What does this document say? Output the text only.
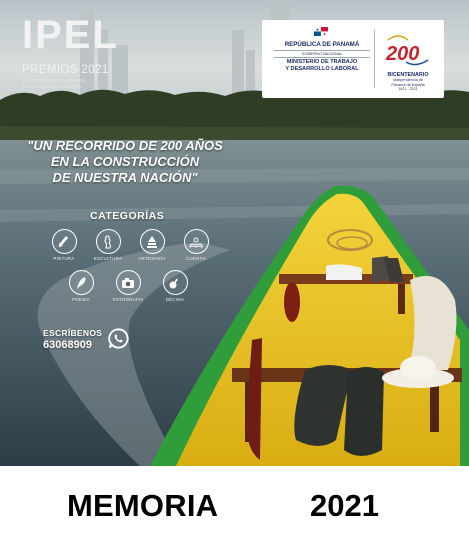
IPEL
PREMIOS 2021
XII CONCURSO NACIONAL
A LA CULTURA LABORAL
REPÚBLICA DE PANAMÁ
GOBIERNO NACIONAL
MINISTERIO DE TRABAJO
Y DESARROLLO LABORAL
200
BICENTENARIO
Independencia de
Panamá de España
1821 - 2021
"UN RECORRIDO DE 200 AÑOS
EN LA CONSTRUCCIÓN
DE NUESTRA NACIÓN"
CATEGORÍAS
PINTURA	ESCULTURA	ARTESANÍA	CUENTO
POESÍA	FOTOGRAFÍA	DÉCIMA
ESCRÍBENOS
63068909
MEMORIA	2021
